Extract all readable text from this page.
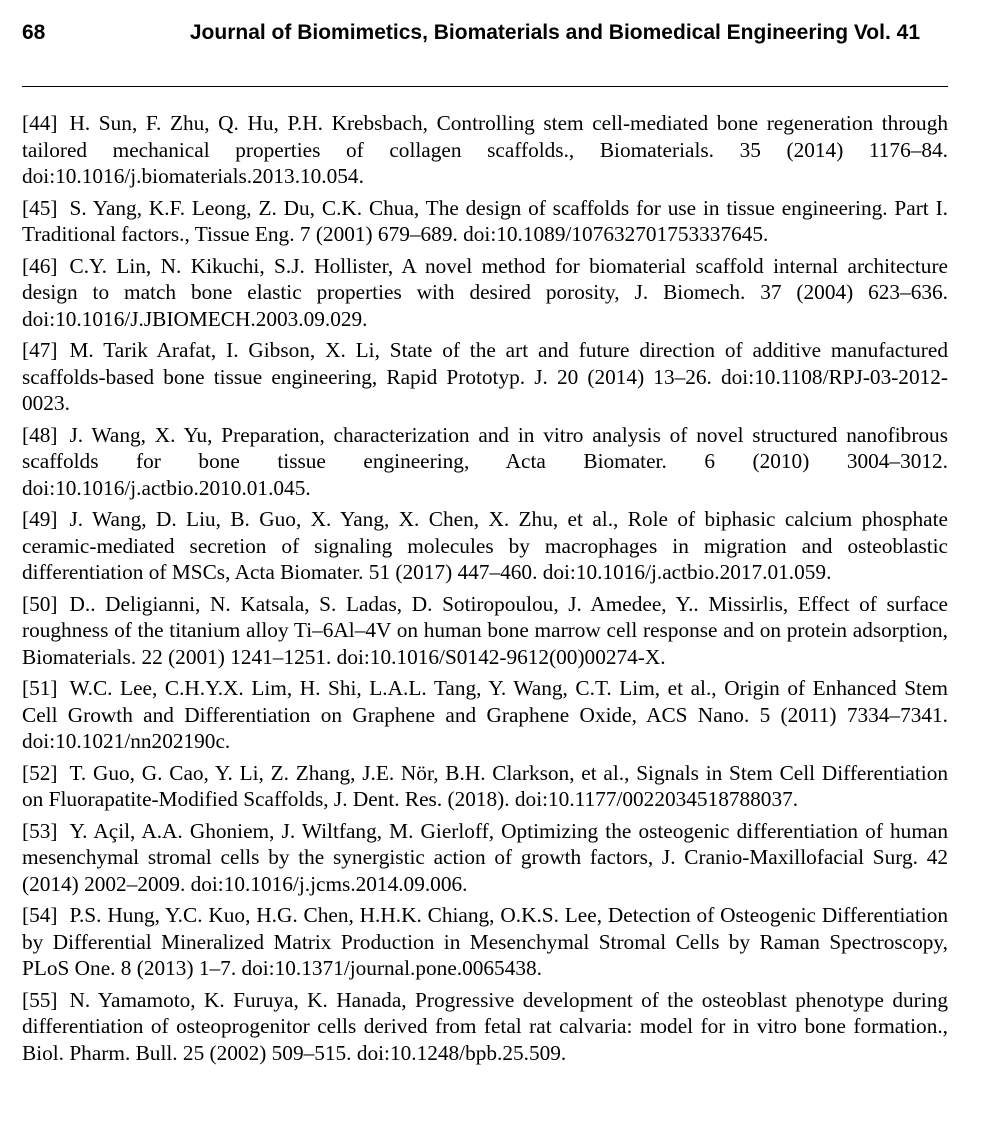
68	Journal of Biomimetics, Biomaterials and Biomedical Engineering Vol. 41

[44] H. Sun, F. Zhu, Q. Hu, P.H. Krebsbach, Controlling stem cell-mediated bone regeneration through tailored mechanical properties of collagen scaffolds., Biomaterials. 35 (2014) 1176–84. doi:10.1016/j.biomaterials.2013.10.054.

[45] S. Yang, K.F. Leong, Z. Du, C.K. Chua, The design of scaffolds for use in tissue engineering. Part I. Traditional factors., Tissue Eng. 7 (2001) 679–689. doi:10.1089/107632701753337645.

[46] C.Y. Lin, N. Kikuchi, S.J. Hollister, A novel method for biomaterial scaffold internal architecture design to match bone elastic properties with desired porosity, J. Biomech. 37 (2004) 623–636. doi:10.1016/J.JBIOMECH.2003.09.029.

[47] M. Tarik Arafat, I. Gibson, X. Li, State of the art and future direction of additive manufactured scaffolds-based bone tissue engineering, Rapid Prototyp. J. 20 (2014) 13–26. doi:10.1108/RPJ-03-2012-0023.

[48] J. Wang, X. Yu, Preparation, characterization and in vitro analysis of novel structured nanofibrous scaffolds for bone tissue engineering, Acta Biomater. 6 (2010) 3004–3012. doi:10.1016/j.actbio.2010.01.045.

[49] J. Wang, D. Liu, B. Guo, X. Yang, X. Chen, X. Zhu, et al., Role of biphasic calcium phosphate ceramic-mediated secretion of signaling molecules by macrophages in migration and osteoblastic differentiation of MSCs, Acta Biomater. 51 (2017) 447–460. doi:10.1016/j.actbio.2017.01.059.

[50] D.. Deligianni, N. Katsala, S. Ladas, D. Sotiropoulou, J. Amedee, Y.. Missirlis, Effect of surface roughness of the titanium alloy Ti–6Al–4V on human bone marrow cell response and on protein adsorption, Biomaterials. 22 (2001) 1241–1251. doi:10.1016/S0142-9612(00)00274-X.

[51] W.C. Lee, C.H.Y.X. Lim, H. Shi, L.A.L. Tang, Y. Wang, C.T. Lim, et al., Origin of Enhanced Stem Cell Growth and Differentiation on Graphene and Graphene Oxide, ACS Nano. 5 (2011) 7334–7341. doi:10.1021/nn202190c.

[52] T. Guo, G. Cao, Y. Li, Z. Zhang, J.E. Nör, B.H. Clarkson, et al., Signals in Stem Cell Differentiation on Fluorapatite-Modified Scaffolds, J. Dent. Res. (2018). doi:10.1177/0022034518788037.

[53] Y. Açil, A.A. Ghoniem, J. Wiltfang, M. Gierloff, Optimizing the osteogenic differentiation of human mesenchymal stromal cells by the synergistic action of growth factors, J. Cranio-Maxillofacial Surg. 42 (2014) 2002–2009. doi:10.1016/j.jcms.2014.09.006.

[54] P.S. Hung, Y.C. Kuo, H.G. Chen, H.H.K. Chiang, O.K.S. Lee, Detection of Osteogenic Differentiation by Differential Mineralized Matrix Production in Mesenchymal Stromal Cells by Raman Spectroscopy, PLoS One. 8 (2013) 1–7. doi:10.1371/journal.pone.0065438.

[55] N. Yamamoto, K. Furuya, K. Hanada, Progressive development of the osteoblast phenotype during differentiation of osteoprogenitor cells derived from fetal rat calvaria: model for in vitro bone formation., Biol. Pharm. Bull. 25 (2002) 509–515. doi:10.1248/bpb.25.509.
